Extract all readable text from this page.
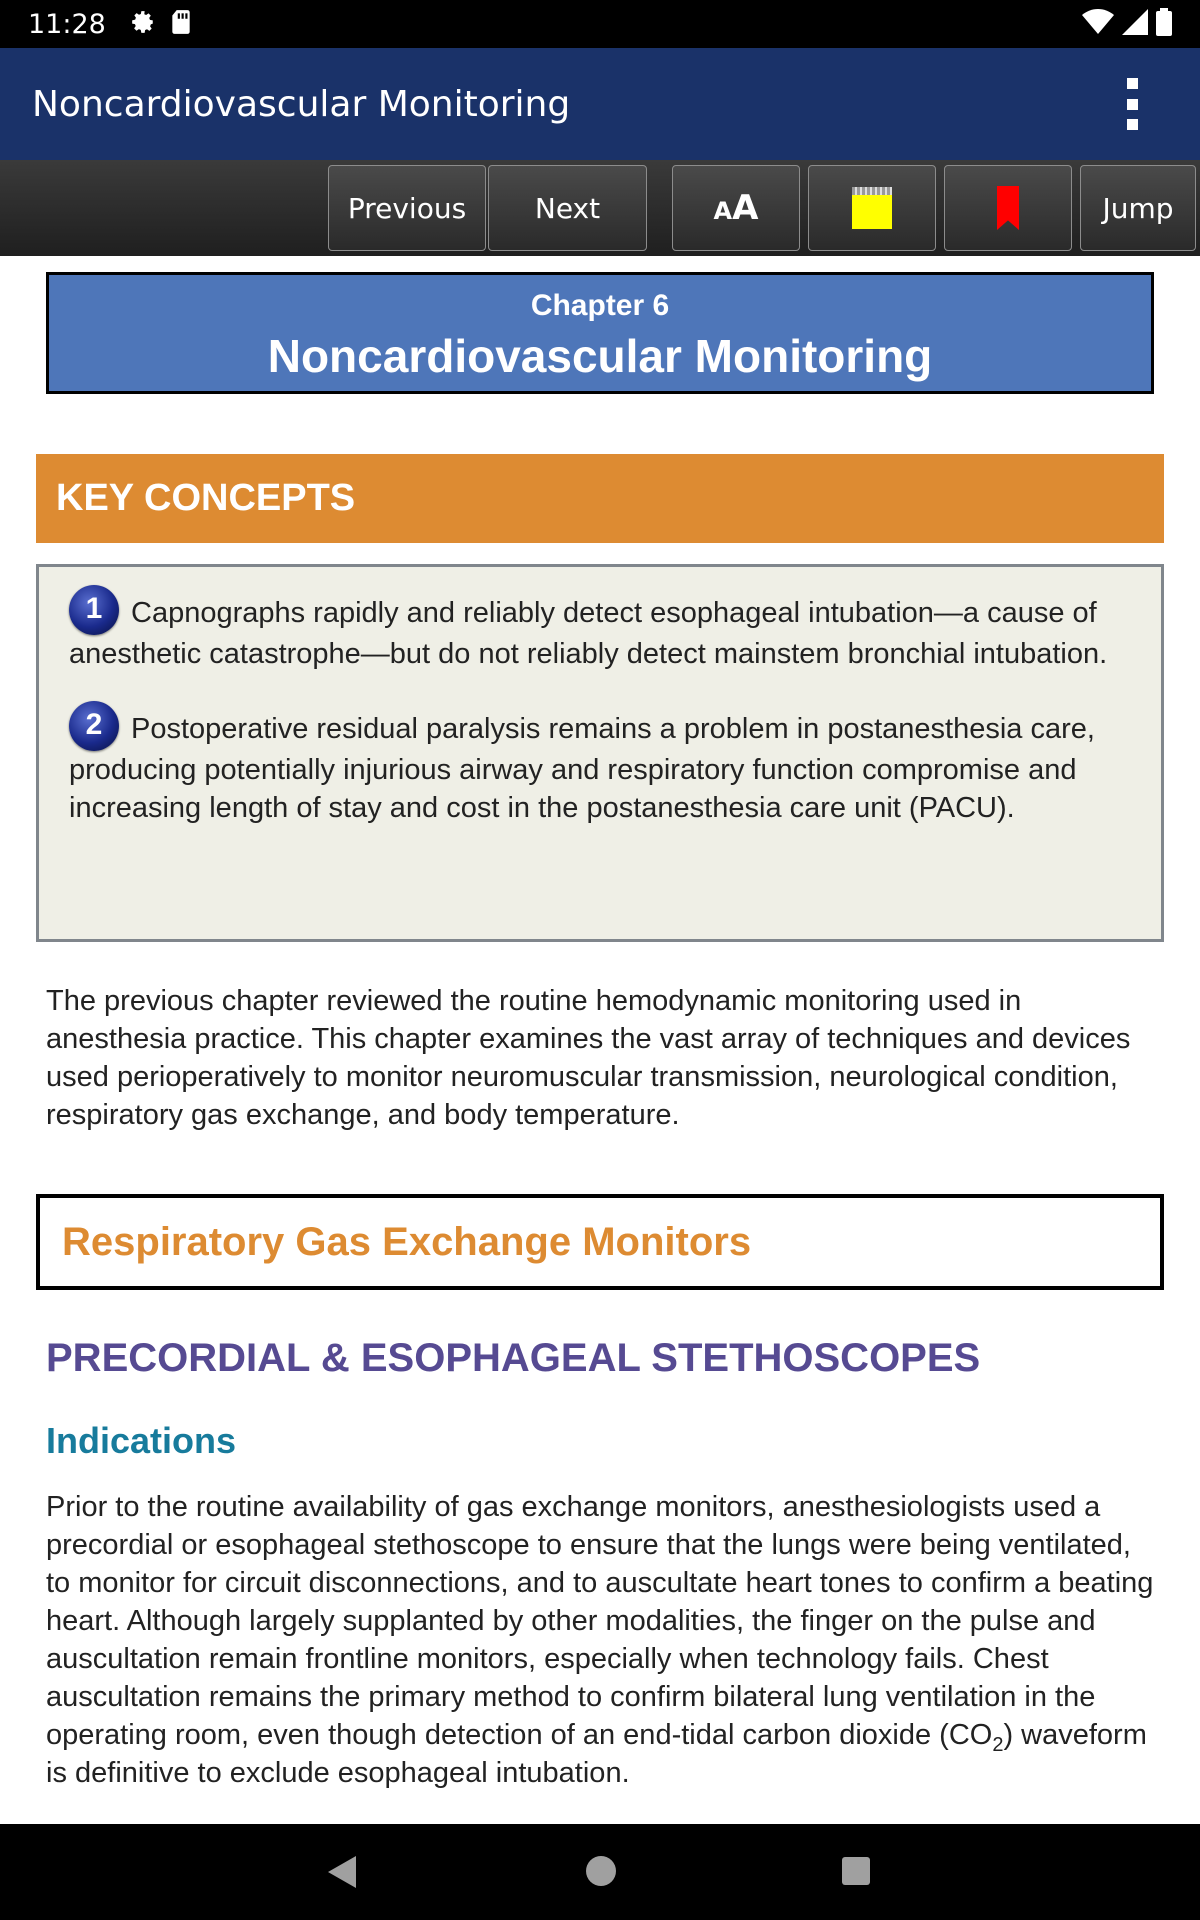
11:28
Noncardiovascular Monitoring
Previous Next	AA	Jump
Chapter 6
Noncardiovascular Monitoring
KEY CONCEPTS
1 Capnographs rapidly and reliably detect esophageal intubation—a cause of anesthetic catastrophe—but do not reliably detect mainstem bronchial intubation.
2 Postoperative residual paralysis remains a problem in postanesthesia care, producing potentially injurious airway and respiratory function compromise and increasing length of stay and cost in the postanesthesia care unit (PACU).
The previous chapter reviewed the routine hemodynamic monitoring used in anesthesia practice. This chapter examines the vast array of techniques and devices used perioperatively to monitor neuromuscular transmission, neurological condition, respiratory gas exchange, and body temperature.
Respiratory Gas Exchange Monitors
PRECORDIAL & ESOPHAGEAL STETHOSCOPES
Indications
Prior to the routine availability of gas exchange monitors, anesthesiologists used a precordial or esophageal stethoscope to ensure that the lungs were being ventilated, to monitor for circuit disconnections, and to auscultate heart tones to confirm a beating heart. Although largely supplanted by other modalities, the finger on the pulse and auscultation remain frontline monitors, especially when technology fails. Chest auscultation remains the primary method to confirm bilateral lung ventilation in the operating room, even though detection of an end-tidal carbon dioxide $(CO_2)$ waveform is definitive to exclude esophageal intubation.
